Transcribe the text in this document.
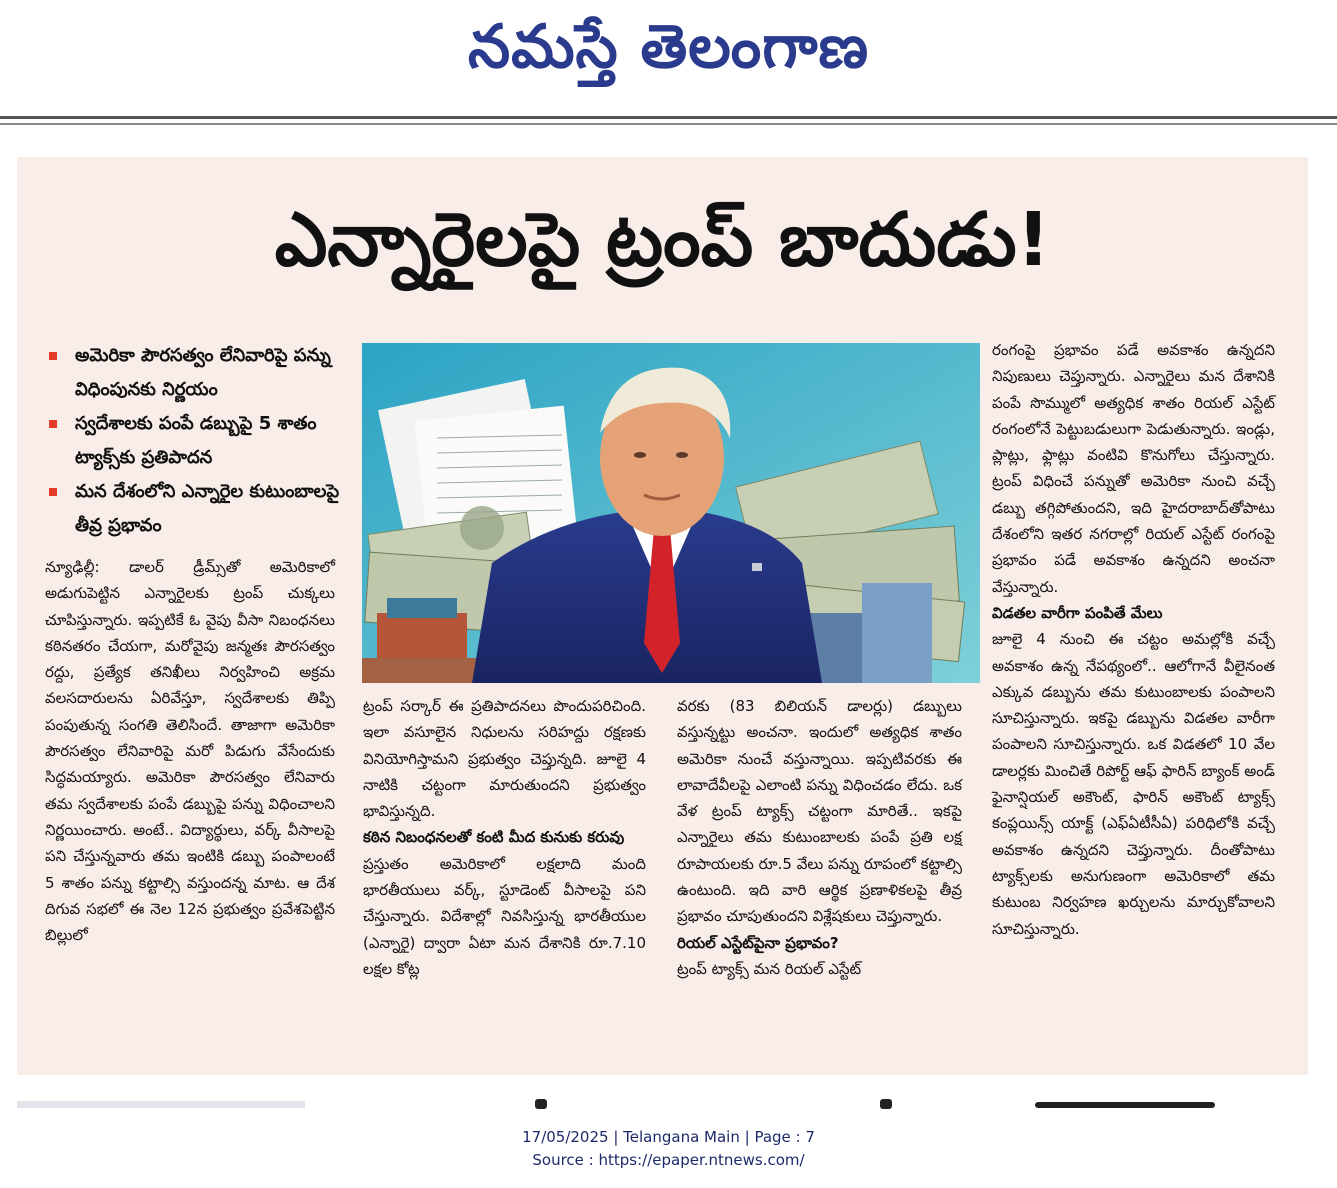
నమస్తే తెలంగాణ
ఎన్నారైలపై ట్రంప్ బాదుడు!
అమెరికా పౌరసత్వం లేనివారిపై పన్ను విధింపునకు నిర్ణయం
స్వదేశాలకు పంపే డబ్బుపై 5 శాతం ట్యాక్స్‌కు ప్రతిపాదన
మన దేశంలోని ఎన్నారైల కుటుంబాలపై తీవ్ర ప్రభావం

న్యూఢిల్లీ: డాలర్ డ్రీమ్స్‌తో అమెరికాలో అడుగుపెట్టిన ఎన్నారైలకు ట్రంప్ చుక్కలు చూపిస్తున్నారు. ఇప్పటికే ఓ వైపు వీసా నిబంధనలు కఠినతరం చేయగా, మరోవైపు జన్మతః పౌరసత్వం రద్దు, ప్రత్యేక తనిఖీలు నిర్వహించి అక్రమ వలసదారులను ఏరివేస్తూ, స్వదేశాలకు తిప్పి పంపుతున్న సంగతి తెలిసిందే. తాజాగా అమెరికా పౌరసత్వం లేనివారిపై మరో పిడుగు వేసేందుకు సిద్ధమయ్యారు. అమెరికా పౌరసత్వం లేనివారు తమ స్వదేశాలకు పంపే డబ్బుపై పన్ను విధించాలని నిర్ణయించారు. అంటే.. విద్యార్థులు, వర్క్ వీసాలపై పని చేస్తున్నవారు తమ ఇంటికి డబ్బు పంపాలంటే 5 శాతం పన్ను కట్టాల్సి వస్తుందన్న మాట. ఆ దేశ దిగువ సభలో ఈ నెల 12న ప్రభుత్వం ప్రవేశపెట్టిన బిల్లులో

ట్రంప్ సర్కార్ ఈ ప్రతిపాదనలు పొందుపరిచింది. ఇలా వసూలైన నిధులను సరిహద్దు రక్షణకు వినియోగిస్తామని ప్రభుత్వం చెప్తున్నది. జూలై 4 నాటికి చట్టంగా మారుతుందని ప్రభుత్వం భావిస్తున్నది.

కఠిన నిబంధనలతో కంటి మీద కునుకు కరువు

ప్రస్తుతం అమెరికాలో లక్షలాది మంది భారతీయులు వర్క్, స్టూడెంట్ వీసాలపై పని చేస్తున్నారు. విదేశాల్లో నివసిస్తున్న భారతీయుల (ఎన్నారై) ద్వారా ఏటా మన దేశానికి రూ.7.10 లక్షల కోట్ల

వరకు (83 బిలియన్ డాలర్లు) డబ్బులు వస్తున్నట్టు అంచనా. ఇందులో అత్యధిక శాతం అమెరికా నుంచే వస్తున్నాయి. ఇప్పటివరకు ఈ లావాదేవీలపై ఎలాంటి పన్ను విధించడం లేదు. ఒక వేళ ట్రంప్ ట్యాక్స్ చట్టంగా మారితే.. ఇకపై ఎన్నారైలు తమ కుటుంబాలకు పంపే ప్రతి లక్ష రూపాయలకు రూ.5 వేలు పన్ను రూపంలో కట్టాల్సి ఉంటుంది. ఇది వారి ఆర్థిక ప్రణాళికలపై తీవ్ర ప్రభావం చూపుతుందని విశ్లేషకులు చెప్తున్నారు.

రియల్ ఎస్టేట్‌పైనా ప్రభావం?

ట్రంప్ ట్యాక్స్ మన రియల్ ఎస్టేట్

రంగంపై ప్రభావం పడే అవకాశం ఉన్నదని నిపుణులు చెప్తున్నారు. ఎన్నారైలు మన దేశానికి పంపే సొమ్ములో అత్యధిక శాతం రియల్ ఎస్టేట్ రంగంలోనే పెట్టుబడులుగా పెడుతున్నారు. ఇండ్లు, ప్లాట్లు, ఫ్లాట్లు వంటివి కొనుగోలు చేస్తున్నారు. ట్రంప్ విధించే పన్నుతో అమెరికా నుంచి వచ్చే డబ్బు తగ్గిపోతుందని, ఇది హైదరాబాద్‌తోపాటు దేశంలోని ఇతర నగరాల్లో రియల్ ఎస్టేట్ రంగంపై ప్రభావం పడే అవకాశం ఉన్నదని అంచనా వేస్తున్నారు.

విడతల వారీగా పంపితే మేలు

జూలై 4 నుంచి ఈ చట్టం అమల్లోకి వచ్చే అవకాశం ఉన్న నేపథ్యంలో.. ఆలోగానే వీలైనంత ఎక్కువ డబ్బును తమ కుటుంబాలకు పంపాలని సూచిస్తున్నారు. ఇకపై డబ్బును విడతల వారీగా పంపాలని సూచిస్తున్నారు. ఒక విడతలో 10 వేల డాలర్లకు మించితే రిపోర్ట్ ఆఫ్ ఫారిన్ బ్యాంక్ అండ్ ఫైనాన్షియల్ అకౌంట్, ఫారిన్ అకౌంట్ ట్యాక్స్ కంప్లయిన్స్ యాక్ట్ (ఎఫ్ఏటీసీఏ) పరిధిలోకి వచ్చే అవకాశం ఉన్నదని చెప్తున్నారు. దీంతోపాటు ట్యాక్స్‌లకు అనుగుణంగా అమెరికాలో తమ కుటుంబ నిర్వహణ ఖర్చులను మార్చుకోవాలని సూచిస్తున్నారు.

17/05/2025 | Telangana Main | Page : 7
Source : https://epaper.ntnews.com/
